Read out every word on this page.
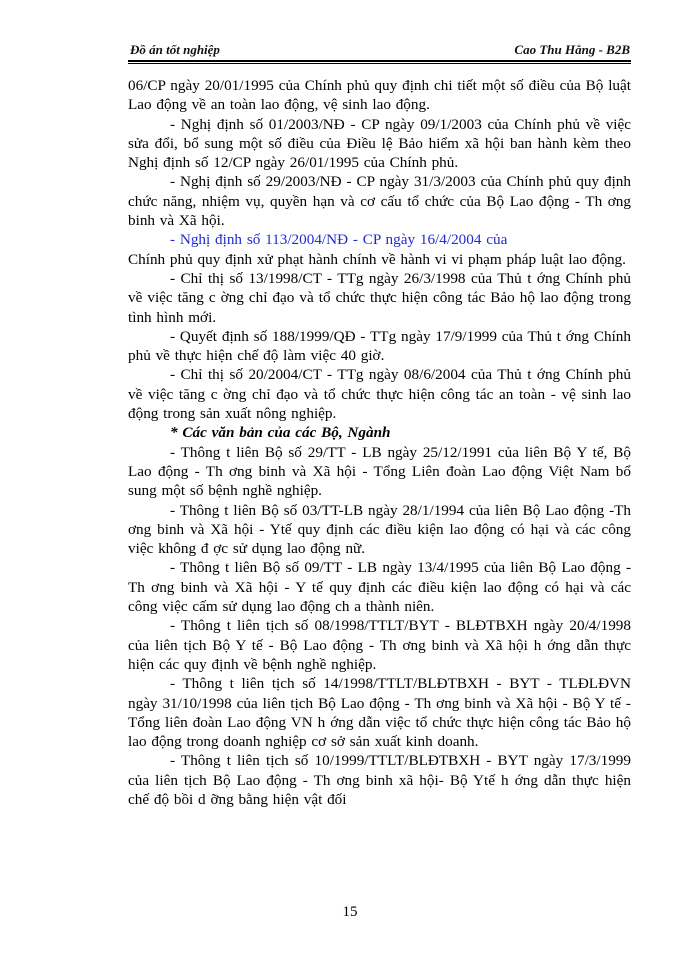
Đồ án tốt nghiệp	Cao Thu Hằng - B2B

06/CP ngày 20/01/1995 của Chính phủ quy định chi tiết một số điều của Bộ luật Lao động về an toàn lao động, vệ sinh lao động.

- Nghị định số 01/2003/NĐ - CP ngày 09/1/2003 của Chính phủ về việc sửa đổi, bổ sung một số điều của Điều lệ Bảo hiểm xã hội ban hành kèm theo Nghị định số 12/CP ngày 26/01/1995 của Chính phủ.

- Nghị định số 29/2003/NĐ - CP ngày 31/3/2003 của Chính phủ quy định chức năng, nhiệm vụ, quyền hạn và cơ cấu tổ chức của Bộ Lao động - Th ơng binh và Xã hội.

- Nghị định số 113/2004/NĐ - CP ngày 16/4/2004 của

Chính phủ quy định xử phạt hành chính về hành vi vi phạm pháp luật lao động.

- Chỉ thị số 13/1998/CT - TTg ngày 26/3/1998 của Thủ t ớng Chính phủ về việc tăng c ờng chỉ đạo và tổ chức thực hiện công tác Bảo hộ lao động trong tình hình mới.

- Quyết định số 188/1999/QĐ - TTg ngày 17/9/1999 của Thủ t ớng Chính phủ về thực hiện chế độ làm việc 40 giờ.

- Chỉ thị số 20/2004/CT - TTg ngày 08/6/2004 của Thủ t ớng Chính phủ về việc tăng c ờng chỉ đạo và tổ chức thực hiện công tác an toàn - vệ sinh lao động trong sản xuất nông nghiệp.

* Các văn bản của các Bộ, Ngành

- Thông t liên Bộ số 29/TT - LB ngày 25/12/1991 của liên Bộ Y tế, Bộ Lao động - Th ơng binh và Xã hội - Tổng Liên đoàn Lao động Việt Nam bổ sung một số bệnh nghề nghiệp.

- Thông t liên Bộ số 03/TT-LB ngày 28/1/1994 của liên Bộ Lao động -Th ơng binh và Xã hội - Ytế quy định các điều kiện lao động có hại và các công việc không đ ợc sử dụng lao động nữ.

- Thông t liên Bộ số 09/TT - LB ngày 13/4/1995 của liên Bộ Lao động - Th ơng binh và Xã hội - Y tế quy định các điều kiện lao động có hại và các công việc cấm sử dụng lao động ch a thành niên.

- Thông t liên tịch số 08/1998/TTLT/BYT - BLĐTBXH ngày 20/4/1998 của liên tịch Bộ Y tế - Bộ Lao động - Th ơng binh và Xã hội h ớng dẫn thực hiện các quy định về bệnh nghề nghiệp.

- Thông t liên tịch số 14/1998/TTLT/BLĐTBXH - BYT - TLĐLĐVN ngày 31/10/1998 của liên tịch Bộ Lao động - Th ơng binh và Xã hội - Bộ Y tế - Tổng liên đoàn Lao động VN h ớng dẫn việc tổ chức thực hiện công tác Bảo hộ lao động trong doanh nghiệp cơ sở sản xuất kinh doanh.

- Thông t liên tịch số 10/1999/TTLT/BLĐTBXH - BYT ngày 17/3/1999 của liên tịch Bộ Lao động - Th ơng binh xã hội- Bộ Ytế h ớng dẫn thực hiện chế độ bồi d ỡng bằng hiện vật đối

15
